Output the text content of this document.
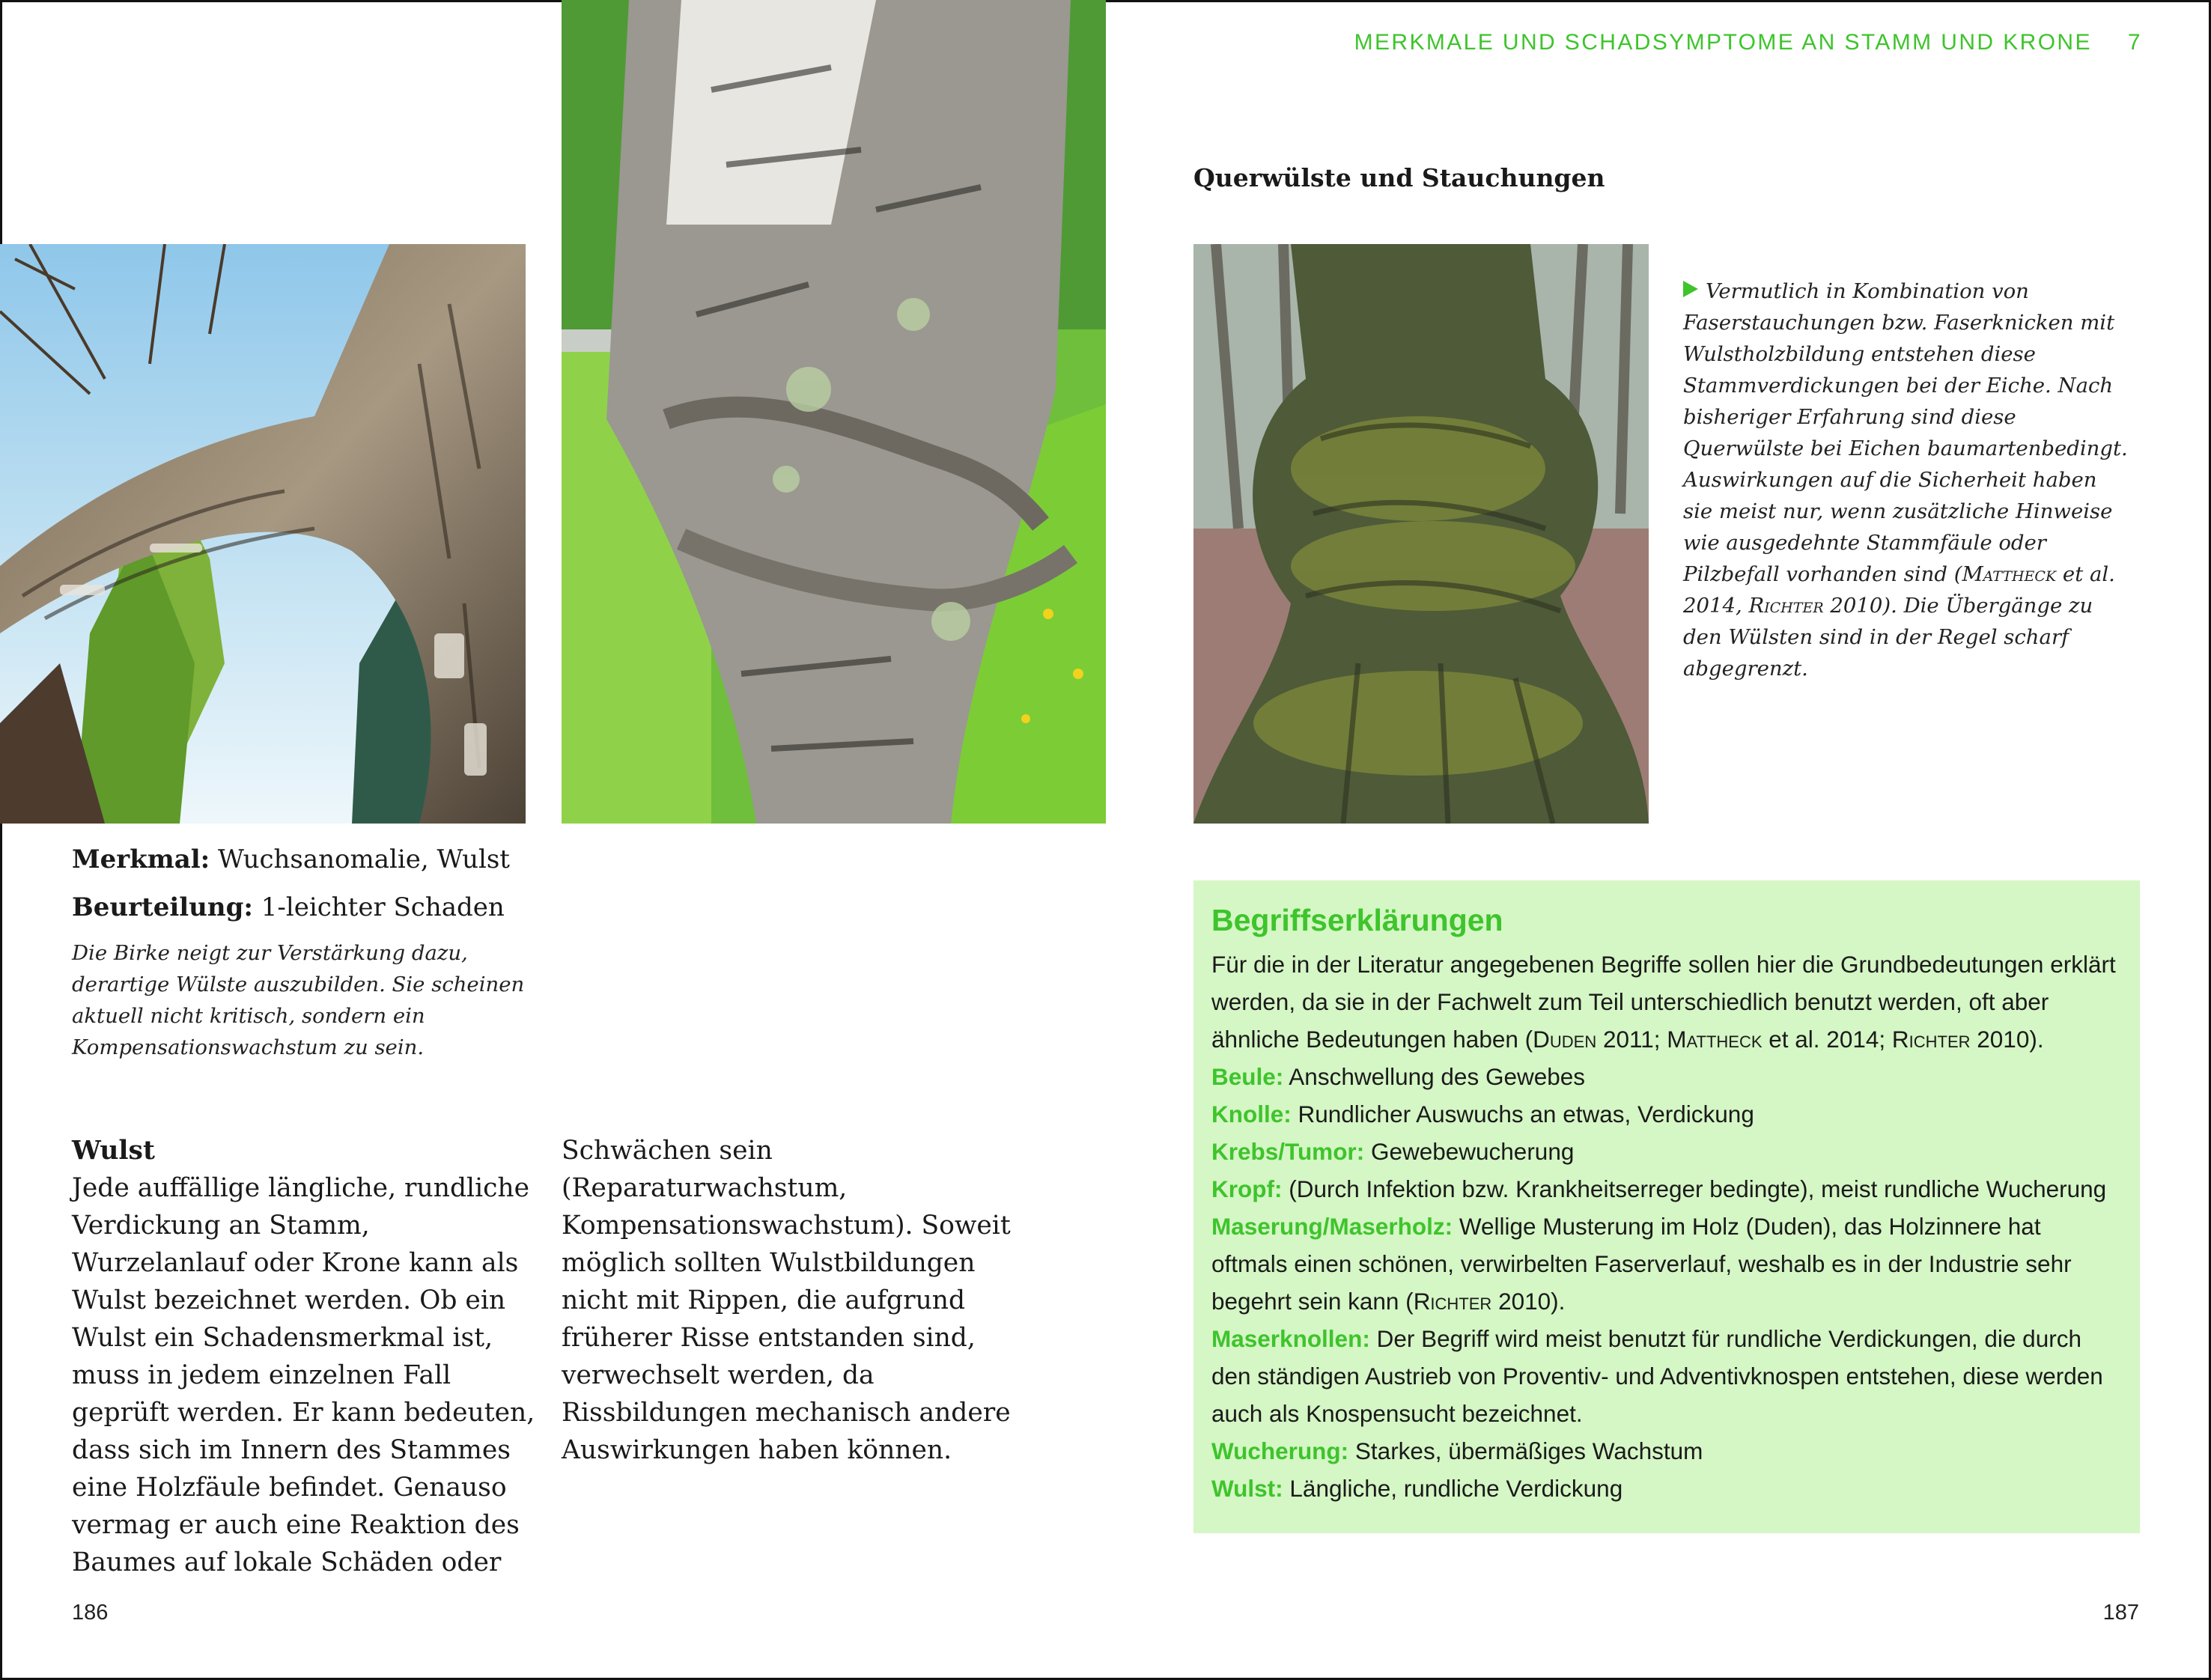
MERKMALE UND SCHADSYMPTOME AN STAMM UND KRONE 7
Querwülste und Stauchungen
Vermutlich in Kombination von Faserstauchungen bzw. Faserknicken mit Wulstholzbildung entstehen diese Stammverdickungen bei der Eiche. Nach bisheriger Erfahrung sind diese Querwülste bei Eichen baumartenbedingt. Auswirkungen auf die Sicherheit haben sie meist nur, wenn zusätzliche Hinweise wie ausgedehnte Stammfäule oder Pilzbefall vorhanden sind (Mattheck et al. 2014, Richter 2010). Die Übergänge zu den Wülsten sind in der Regel scharf abgegrenzt.
Merkmal: Wuchsanomalie, Wulst
Beurteilung: 1-leichter Schaden
Die Birke neigt zur Verstärkung dazu, derartige Wülste auszubilden. Sie scheinen aktuell nicht kritisch, sondern ein Kompensationswachstum zu sein.
Wulst
Jede auffällige längliche, rundliche Verdickung an Stamm, Wurzelanlauf oder Krone kann als Wulst bezeichnet werden. Ob ein Wulst ein Schadensmerkmal ist, muss in jedem einzelnen Fall geprüft werden. Er kann bedeuten, dass sich im Innern des Stammes eine Holzfäule befindet. Genauso vermag er auch eine Reaktion des Baumes auf lokale Schäden oder
Schwächen sein (Reparaturwachstum, Kompensationswachstum). Soweit möglich sollten Wulstbildungen nicht mit Rippen, die aufgrund früherer Risse entstanden sind, verwechselt werden, da Rissbildungen mechanisch andere Auswirkungen haben können.
Begriffserklärungen

Für die in der Literatur angegebenen Begriffe sollen hier die Grundbedeutungen erklärt werden, da sie in der Fachwelt zum Teil unterschiedlich benutzt werden, oft aber ähnliche Bedeutungen haben (Duden 2011; Mattheck et al. 2014; Richter 2010).

Beule: Anschwellung des Gewebes

Knolle: Rundlicher Auswuchs an etwas, Verdickung

Krebs/Tumor: Gewebewucherung

Kropf: (Durch Infektion bzw. Krankheitserreger bedingte), meist rundliche Wucherung

Maserung/Maserholz: Wellige Musterung im Holz (Duden), das Holzinnere hat oftmals einen schönen, verwirbelten Faserverlauf, weshalb es in der Industrie sehr begehrt sein kann (Richter 2010).

Maserknollen: Der Begriff wird meist benutzt für rundliche Verdickungen, die durch den ständigen Austrieb von Proventiv- und Adventivknospen entstehen, diese werden auch als Knospensucht bezeichnet.

Wucherung: Starkes, übermäßiges Wachstum

Wulst: Längliche, rundliche Verdickung

186	187
